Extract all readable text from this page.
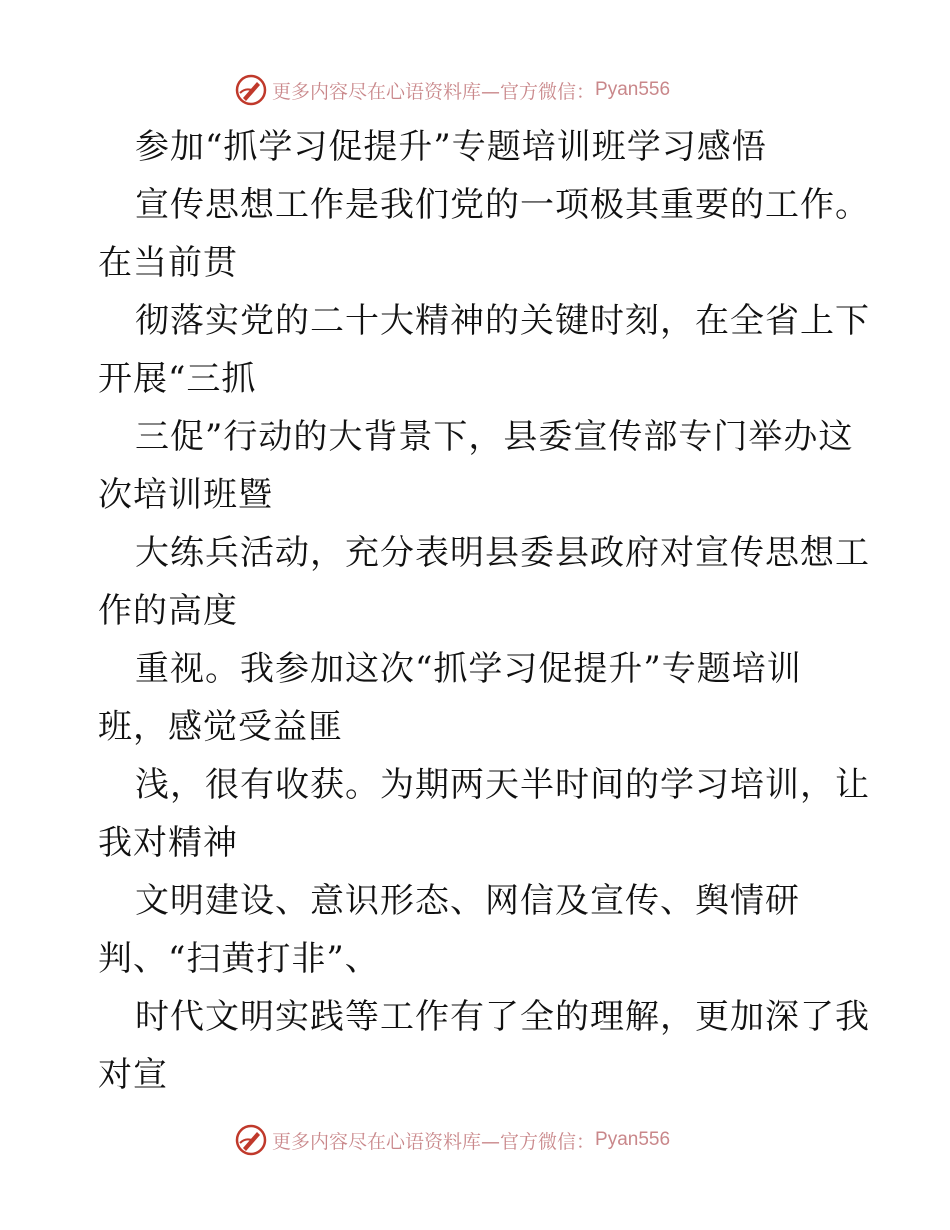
更多内容尽在心语资料库—官方微信： Pyan556
参加“抓学习促提升”专题培训班学习感悟
宣传思想工作是我们党的一项极其重要的工作。
在当前贯
彻落实党的二十大精神的关键时刻，在全省上下
开展“三抓
三促”行动的大背景下，县委宣传部专门举办这
次培训班暨
大练兵活动，充分表明县委县政府对宣传思想工
作的高度
重视。我参加这次“抓学习促提升”专题培训
班，感觉受益匪
浅，很有收获。为期两天半时间的学习培训，让
我对精神
文明建设、意识形态、网信及宣传、舆情研
判、“扫黄打非”、
时代文明实践等工作有了全的理解，更加深了我
对宣
更多内容尽在心语资料库—官方微信： Pyan556
